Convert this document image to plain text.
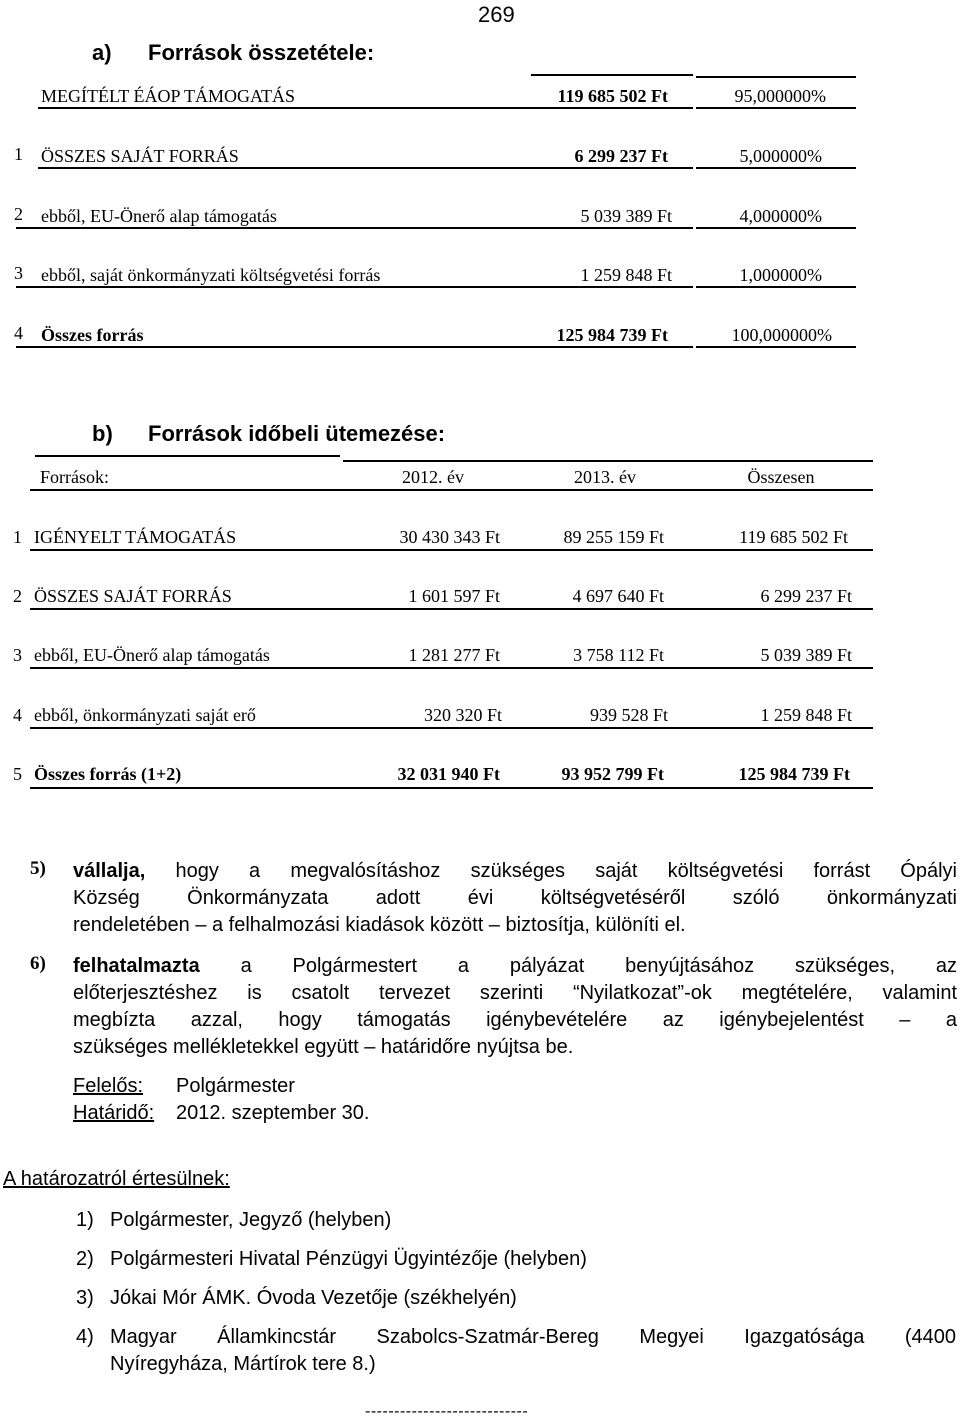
269
a) Források összetétele:
MEGÍTÉLT ÉÁOP TÁMOGATÁS	119 685 502 Ft	95,000000%
1 ÖSSZES SAJÁT FORRÁS	6 299 237 Ft	5,000000%
2 ebből, EU-Önerő alap támogatás	5 039 389 Ft	4,000000%
3 ebből, saját önkormányzati költségvetési forrás	1 259 848 Ft	1,000000%
4 Összes forrás	125 984 739 Ft	100,000000%
b) Források időbeli ütemezése:
Források:	2012. év	2013. év	Összesen
1 IGÉNYELT TÁMOGATÁS	30 430 343 Ft	89 255 159 Ft	119 685 502 Ft
2 ÖSSZES SAJÁT FORRÁS	1 601 597 Ft	4 697 640 Ft	6 299 237 Ft
3 ebből, EU-Önerő alap támogatás	1 281 277 Ft	3 758 112 Ft	5 039 389 Ft
4 ebből, önkormányzati saját erő	320 320 Ft	939 528 Ft	1 259 848 Ft
5 Összes forrás (1+2)	32 031 940 Ft	93 952 799 Ft	125 984 739 Ft
5) vállalja, hogy a megvalósításhoz szükséges saját költségvetési forrást Ópályi
Község Önkormányzata adott évi költségvetéséről szóló önkormányzati
rendeletében – a felhalmozási kiadások között – biztosítja, különíti el.
6) felhatalmazta a Polgármestert a pályázat benyújtásához szükséges, az
előterjesztéshez is csatolt tervezet szerinti “Nyilatkozat”-ok megtételére, valamint
megbízta azzal, hogy támogatás igénybevételére az igénybejelentést – a
szükséges mellékletekkel együtt – határidőre nyújtsa be.
Felelős: Polgármester
Határidő: 2012. szeptember 30.
A határozatról értesülnek:
1) Polgármester, Jegyző (helyben)
2) Polgármesteri Hivatal Pénzügyi Ügyintézője (helyben)
3) Jókai Mór ÁMK. Óvoda Vezetője (székhelyén)
4) Magyar Államkincstár Szabolcs-Szatmár-Bereg Megyei Igazgatósága (4400
Nyíregyháza, Mártírok tere 8.)
----------------------------
